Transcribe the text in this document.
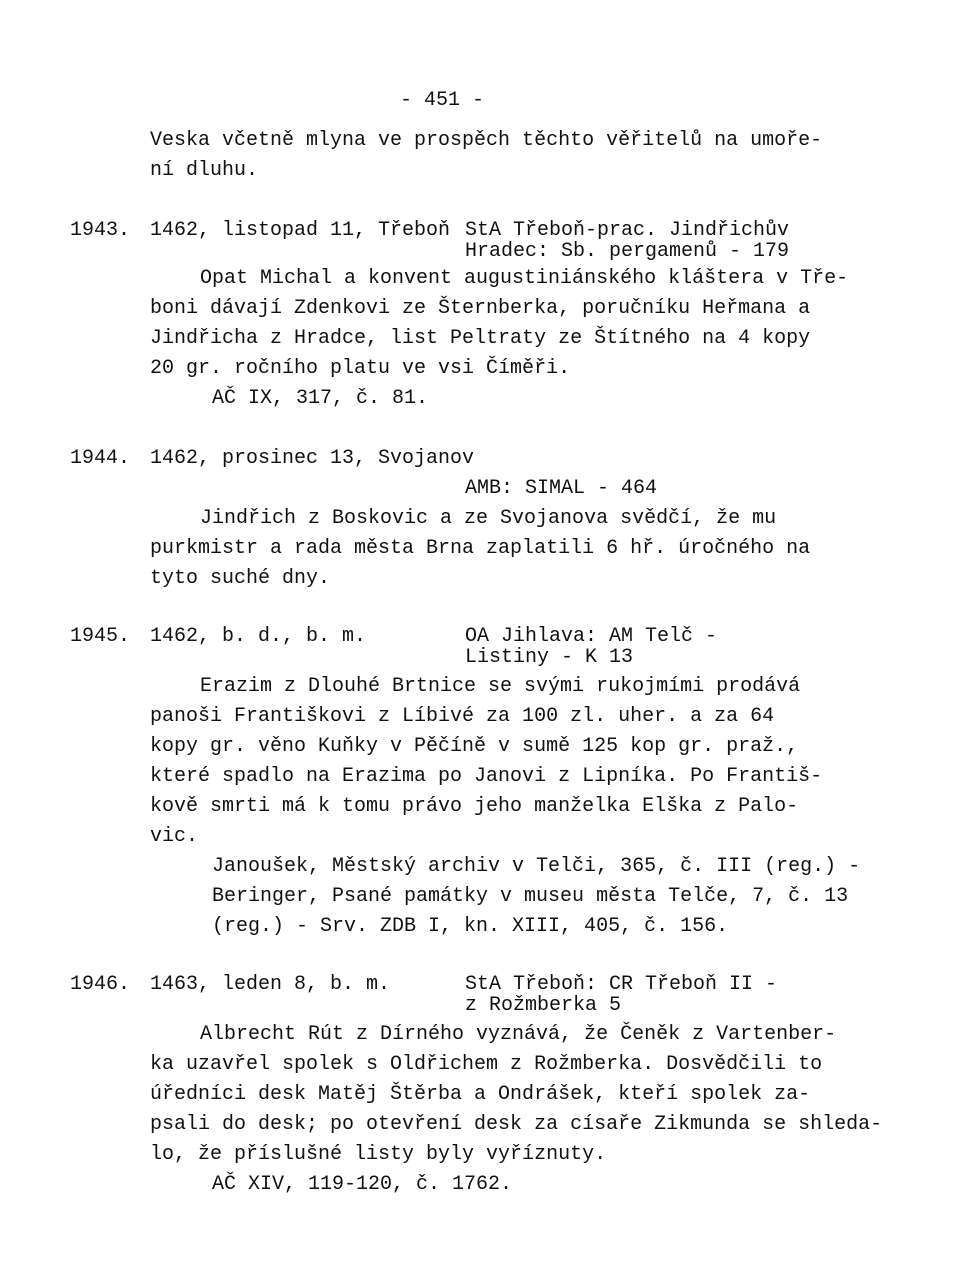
- 451 -
Veska včetně mlyna ve prospěch těchto věřitelů na umoře-
ní dluhu.
1943. 1462, listopad 11, Třeboň StA Třeboň-prac. Jindřichův
Hradec: Sb. pergamenů - 179
Opat Michal a konvent augustiniánského kláštera v Tře-
boni dávají Zdenkovi ze Šternberka, poručníku Heřmana a
Jindřicha z Hradce, list Peltraty ze Štítného na 4 kopy
20 gr. ročního platu ve vsi Číměři.
AČ IX, 317, č. 81.
1944. 1462, prosinec 13, Svojanov
AMB: SIMAL - 464
Jindřich z Boskovic a ze Svojanova svědčí, že mu
purkmistr a rada města Brna zaplatili 6 hř. úročného na
tyto suché dny.
1945. 1462, b. d., b. m.	OA Jihlava: AM Telč -
Listiny - K 13
Erazim z Dlouhé Brtnice se svými rukojmími prodává
panoši Františkovi z Líbivé za 100 zl. uher. a za 64
kopy gr. věno Kuňky v Pěčíně v sumě 125 kop gr. praž.,
které spadlo na Erazima po Janovi z Lipníka. Po Františ-
kově smrti má k tomu právo jeho manželka Elška z Palo-
vic.
Janoušek, Městský archiv v Telči, 365, č. III (reg.) -
Beringer, Psané památky v museu města Telče, 7, č. 13
(reg.) - Srv. ZDB I, kn. XIII, 405, č. 156.
1946. 1463, leden 8, b. m.	StA Třeboň: CR Třeboň II -
z Rožmberka 5
Albrecht Rút z Dírného vyznává, že Čeněk z Vartenber-
ka uzavřel spolek s Oldřichem z Rožmberka. Dosvědčili to
úředníci desk Matěj Štěrba a Ondrášek, kteří spolek za-
psali do desk; po otevření desk za císaře Zikmunda se shleda-
lo, že příslušné listy byly vyříznuty.
AČ XIV, 119-120, č. 1762.
